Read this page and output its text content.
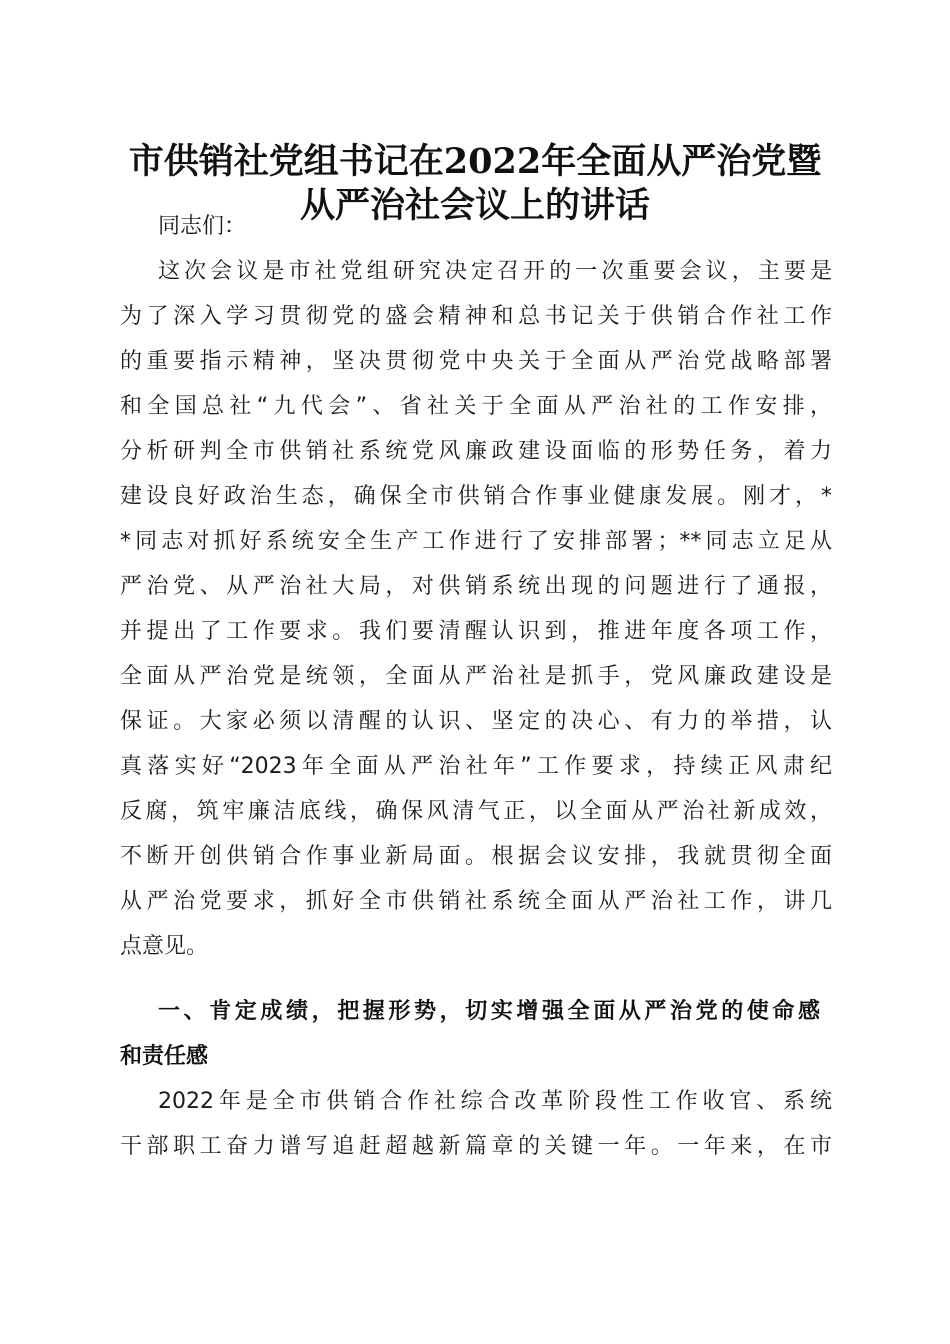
市供销社党组书记在2022年全面从严治党暨
从严治社会议上的讲话
同志们：
这次会议是市社党组研究决定召开的一次重要会议，主要是
为了深入学习贯彻党的盛会精神和总书记关于供销合作社工作
的重要指示精神，坚决贯彻党中央关于全面从严治党战略部署
和全国总社“九代会”、省社关于全面从严治社的工作安排，
分析研判全市供销社系统党风廉政建设面临的形势任务，着力
建设良好政治生态，确保全市供销合作事业健康发展。刚才，*
*同志对抓好系统安全生产工作进行了安排部署；**同志立足从
严治党、从严治社大局，对供销系统出现的问题进行了通报，
并提出了工作要求。我们要清醒认识到，推进年度各项工作，
全面从严治党是统领，全面从严治社是抓手，党风廉政建设是
保证。大家必须以清醒的认识、坚定的决心、有力的举措，认
真落实好“2023年全面从严治社年”工作要求，持续正风肃纪
反腐，筑牢廉洁底线，确保风清气正，以全面从严治社新成效，
不断开创供销合作事业新局面。根据会议安排，我就贯彻全面
从严治党要求，抓好全市供销社系统全面从严治社工作，讲几
点意见。
一、肯定成绩，把握形势，切实增强全面从严治党的使命感
和责任感
2022年是全市供销合作社综合改革阶段性工作收官、系统
干部职工奋力谱写追赶超越新篇章的关键一年。一年来，在市
